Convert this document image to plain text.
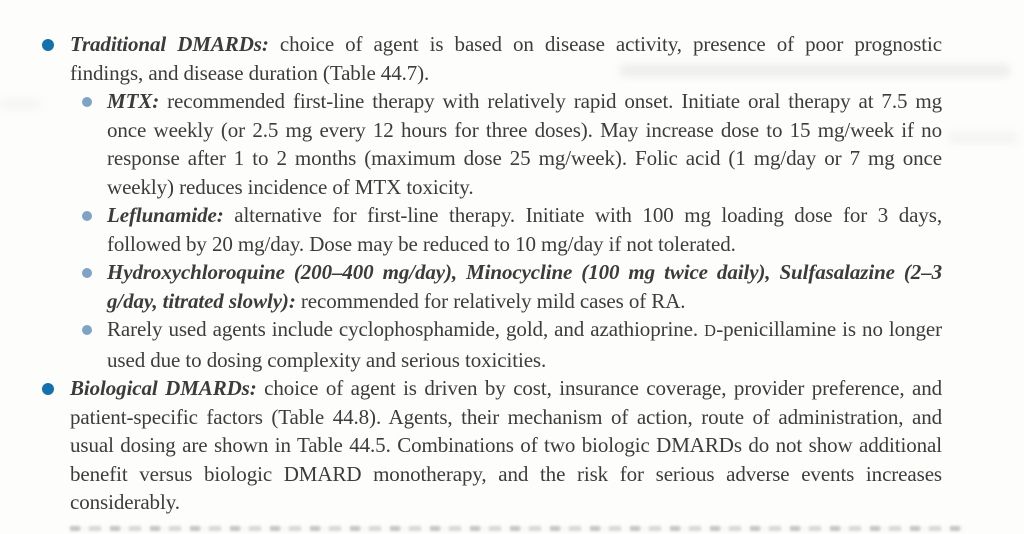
Traditional DMARDs: choice of agent is based on disease activity, presence of poor prognostic findings, and disease duration (Table 44.7).
MTX: recommended first-line therapy with relatively rapid onset. Initiate oral therapy at 7.5 mg once weekly (or 2.5 mg every 12 hours for three doses). May increase dose to 15 mg/week if no response after 1 to 2 months (maximum dose 25 mg/week). Folic acid (1 mg/day or 7 mg once weekly) reduces incidence of MTX toxicity.
Leflunamide: alternative for first-line therapy. Initiate with 100 mg loading dose for 3 days, followed by 20 mg/day. Dose may be reduced to 10 mg/day if not tolerated.
Hydroxychloroquine (200–400 mg/day), Minocycline (100 mg twice daily), Sulfasalazine (2–3 g/day, titrated slowly): recommended for relatively mild cases of RA.
Rarely used agents include cyclophosphamide, gold, and azathioprine. D-penicillamine is no longer used due to dosing complexity and serious toxicities.
Biological DMARDs: choice of agent is driven by cost, insurance coverage, provider preference, and patient-specific factors (Table 44.8). Agents, their mechanism of action, route of administration, and usual dosing are shown in Table 44.5. Combinations of two biologic DMARDs do not show additional benefit versus biologic DMARD monotherapy, and the risk for serious adverse events increases considerably.
